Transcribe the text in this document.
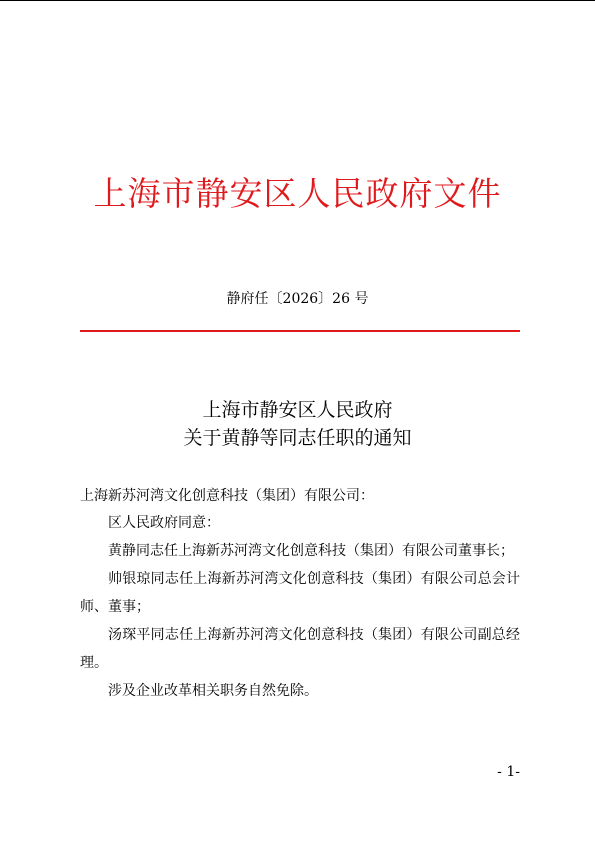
上海市静安区人民政府文件
静府任〔2026〕26 号
上海市静安区人民政府
关于黄静等同志任职的通知
上海新苏河湾文化创意科技（集团）有限公司：

区人民政府同意：

黄静同志任上海新苏河湾文化创意科技（集团）有限公司董事长；

帅银琼同志任上海新苏河湾文化创意科技（集团）有限公司总会计师、董事；

汤琛平同志任上海新苏河湾文化创意科技（集团）有限公司副总经理。

涉及企业改革相关职务自然免除。

- 1-
